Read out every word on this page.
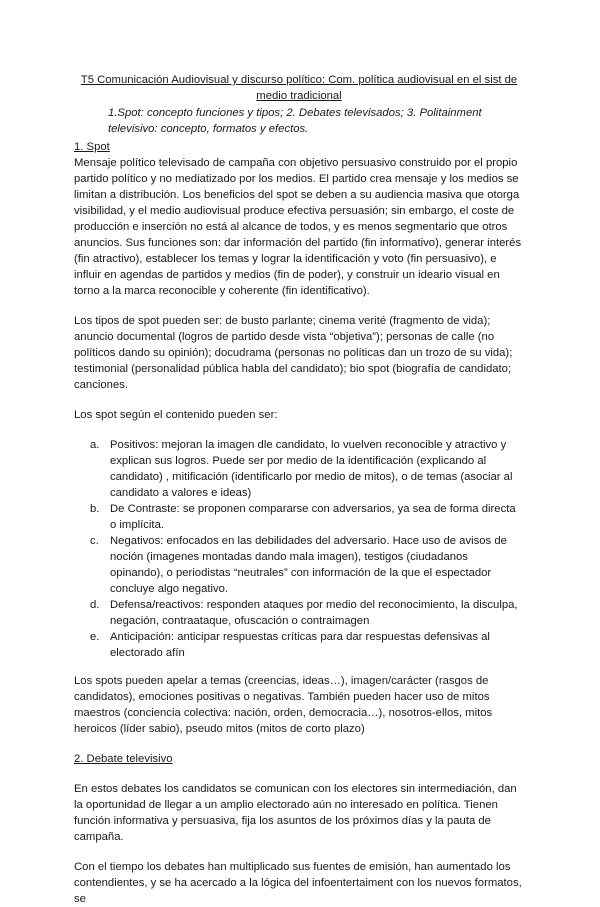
T5 Comunicación Audiovisual y discurso político: Com. política audiovisual en el sist de medio tradicional
1.Spot: concepto funciones y tipos; 2. Debates televisados; 3. Politainment televisivo: concepto, formatos y efectos.
1. Spot

Mensaje político televisado de campaña con objetivo persuasivo construido por el propio partido político y no mediatizado por los medios. El partido crea mensaje y los medios se limitan a distribución. Los beneficios del spot se deben a su audiencia masiva que otorga visibilidad, y el medio audiovisual produce efectiva persuasión; sin embargo, el coste de producción e inserción no está al alcance de todos, y es menos segmentario que otros anuncios. Sus funciones son: dar información del partido (fin informativo), generar interés (fin atractivo), establecer los temas y lograr la identificación y voto (fin persuasivo), e influir en agendas de partidos y medios (fin de poder), y construir un ideario visual en torno a la marca reconocible y coherente (fin identificativo).

Los tipos de spot pueden ser: de busto parlante; cinema verité (fragmento de vida); anuncio documental (logros de partido desde vista “objetiva”); personas de calle (no políticos dando su opinión); docudrama (personas no políticas dan un trozo de su vida); testimonial (personalidad pública habla del candidato); bio spot (biografía de candidato; canciones.

Los spot según el contenido pueden ser:

a. Positivos: mejoran la imagen dle candidato, lo vuelven reconocible y atractivo y explican sus logros. Puede ser por medio de la identificación (explicando al candidato) , mitificación (identificarlo por medio de mitos), o de temas (asociar al candidato a valores e ideas)
b. De Contraste: se proponen compararse con adversarios, ya sea de forma directa o implícita.
c. Negativos: enfocados en las debilidades del adversario. Hace uso de avisos de noción (imagenes montadas dando mala imagen), testigos (ciudadanos opinando), o periodistas “neutrales” con información de la que el espectador concluye algo negativo.
d. Defensa/reactivos: responden ataques por medio del reconocimiento, la disculpa, negación, contraataque, ofuscación o contraimagen
e. Anticipación: anticipar respuestas críticas para dar respuestas defensivas al electorado afín

Los spots pueden apelar a temas (creencias, ideas…), imagen/carácter (rasgos de candidatos), emociones positivas o negativas. También pueden hacer uso de mitos maestros (conciencia colectiva: nación, orden, democracia…), nosotros-ellos, mitos heroicos (líder sabio), pseudo mitos (mitos de corto plazo)

2. Debate televisivo

En estos debates los candidatos se comunican con los electores sin intermediación, dan la oportunidad de llegar a un amplio electorado aún no interesado en política. Tienen función informativa y persuasiva, fija los asuntos de los próximos días y la pauta de campaña.

Con el tiempo los debates han multiplicado sus fuentes de emisión, han aumentado los contendientes, y se ha acercado a la lógica del infoentertaiment con los nuevos formatos, se
